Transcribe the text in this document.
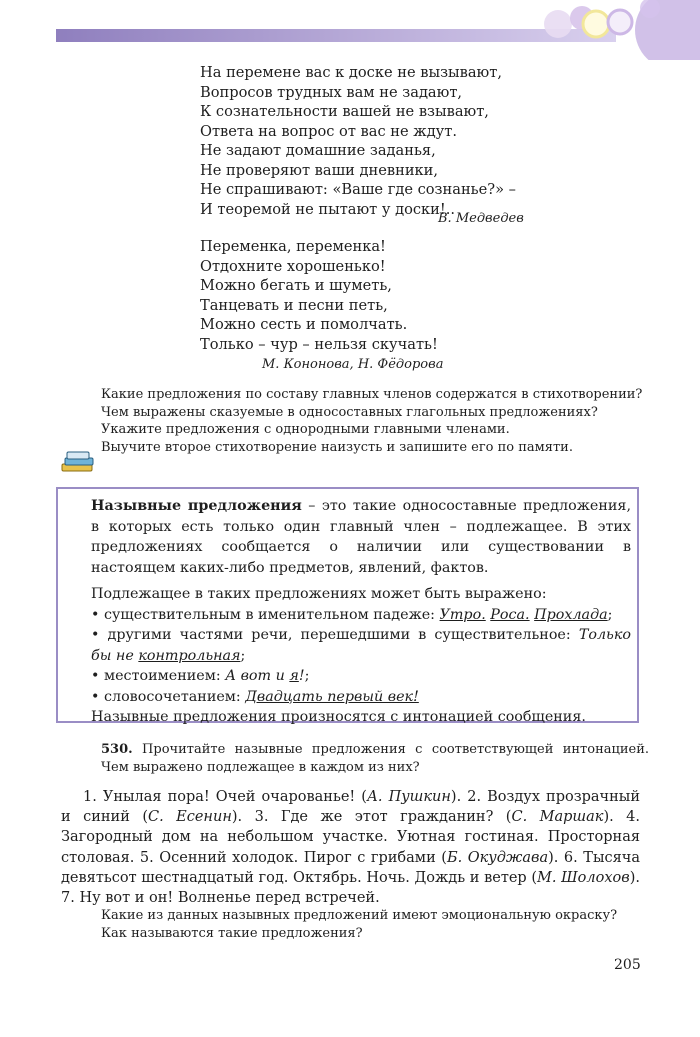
На перемене вас к доске не вызывают,
Вопросов трудных вам не задают,
К сознательности вашей не взывают,
Ответа на вопрос от вас не ждут.
Не задают домашние заданья,
Не проверяют ваши дневники,
Не спрашивают: «Ваше где сознанье?» –
И теоремой не пытают у доски!..
В. Медведев
Переменка, переменка!
Отдохните хорошенько!
Можно бегать и шуметь,
Танцевать и песни петь,
Можно сесть и помолчать.
Только – чур – нельзя скучать!
М. Кононова, Н. Фёдорова
Какие предложения по составу главных членов содержатся в стихотворении?
Чем выражены сказуемые в односоставных глагольных предложениях?
Укажите предложения с однородными главными членами.
Выучите второе стихотворение наизусть и запишите его по памяти.

Назывные предложения – это такие односоставные предложения, в которых есть только один главный член – подлежащее. В этих предложениях сообщается о наличии или существовании в настоящем каких-либо предметов, явлений, фактов.

Подлежащее в таких предложениях может быть выражено:

• существительным в именительном падеже: Утро. Роса. Прохлада;

• другими частями речи, перешедшими в существительное: Только бы не контрольная;

• местоимением: А вот и я!;

• словосочетанием: Двадцать первый век!

Назывные предложения произносятся с интонацией сообщения.

530. Прочитайте назывные предложения с соответствующей интонацией. Чем выражено подлежащее в каждом из них?

1. Унылая пора! Очей очарованье! (А. Пушкин). 2. Воздух прозрачный и синий (С. Есенин). 3. Где же этот гражданин? (С. Маршак). 4. Загородный дом на небольшом участке. Уютная гостиная. Просторная столовая. 5. Осенний холодок. Пирог с грибами (Б. Окуджава). 6. Тысяча девятьсот шестнадцатый год. Октябрь. Ночь. Дождь и ветер (М. Шолохов). 7. Ну вот и он! Волненье перед встречей.

Какие из данных назывных предложений имеют эмоциональную окраску?
Как называются такие предложения?
205
